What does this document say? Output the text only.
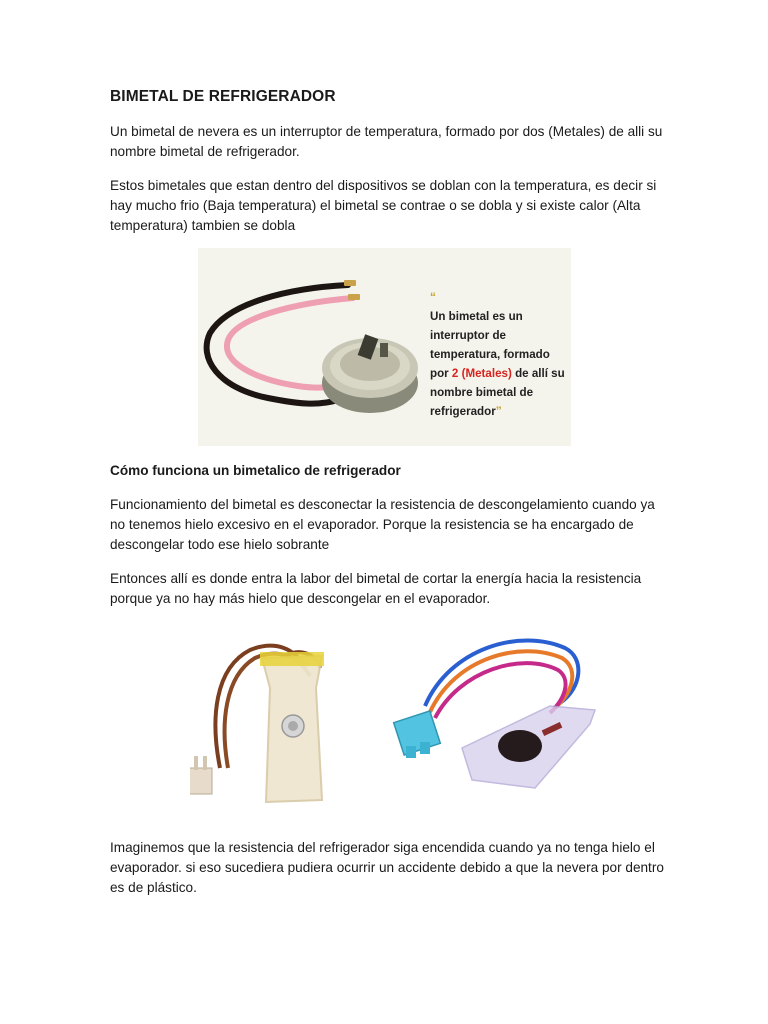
BIMETAL DE REFRIGERADOR

Un bimetal de nevera es un interruptor de temperatura, formado por dos (Metales) de alli su nombre bimetal de refrigerador.

Estos bimetales que estan dentro del dispositivos se doblan con la temperatura, es decir si hay mucho frio (Baja temperatura) el bimetal se contrae o se dobla y si existe calor (Alta temperatura) tambien se dobla

“
Un bimetal es un interruptor de temperatura, formado por 2 (Metales) de allí su nombre bimetal de refrigerador”
Cómo funciona un bimetalico de refrigerador

Funcionamiento del bimetal es desconectar la resistencia de descongelamiento cuando ya no tenemos hielo excesivo en el evaporador. Porque la resistencia se ha encargado de descongelar todo ese hielo sobrante

Entonces allí es donde entra la labor del bimetal de cortar la energía hacia la resistencia porque ya no hay más hielo que descongelar en el evaporador.

Imaginemos que la resistencia del refrigerador siga encendida cuando ya no tenga hielo el evaporador. si eso sucediera pudiera ocurrir un accidente debido a que la nevera por dentro es de plástico.
